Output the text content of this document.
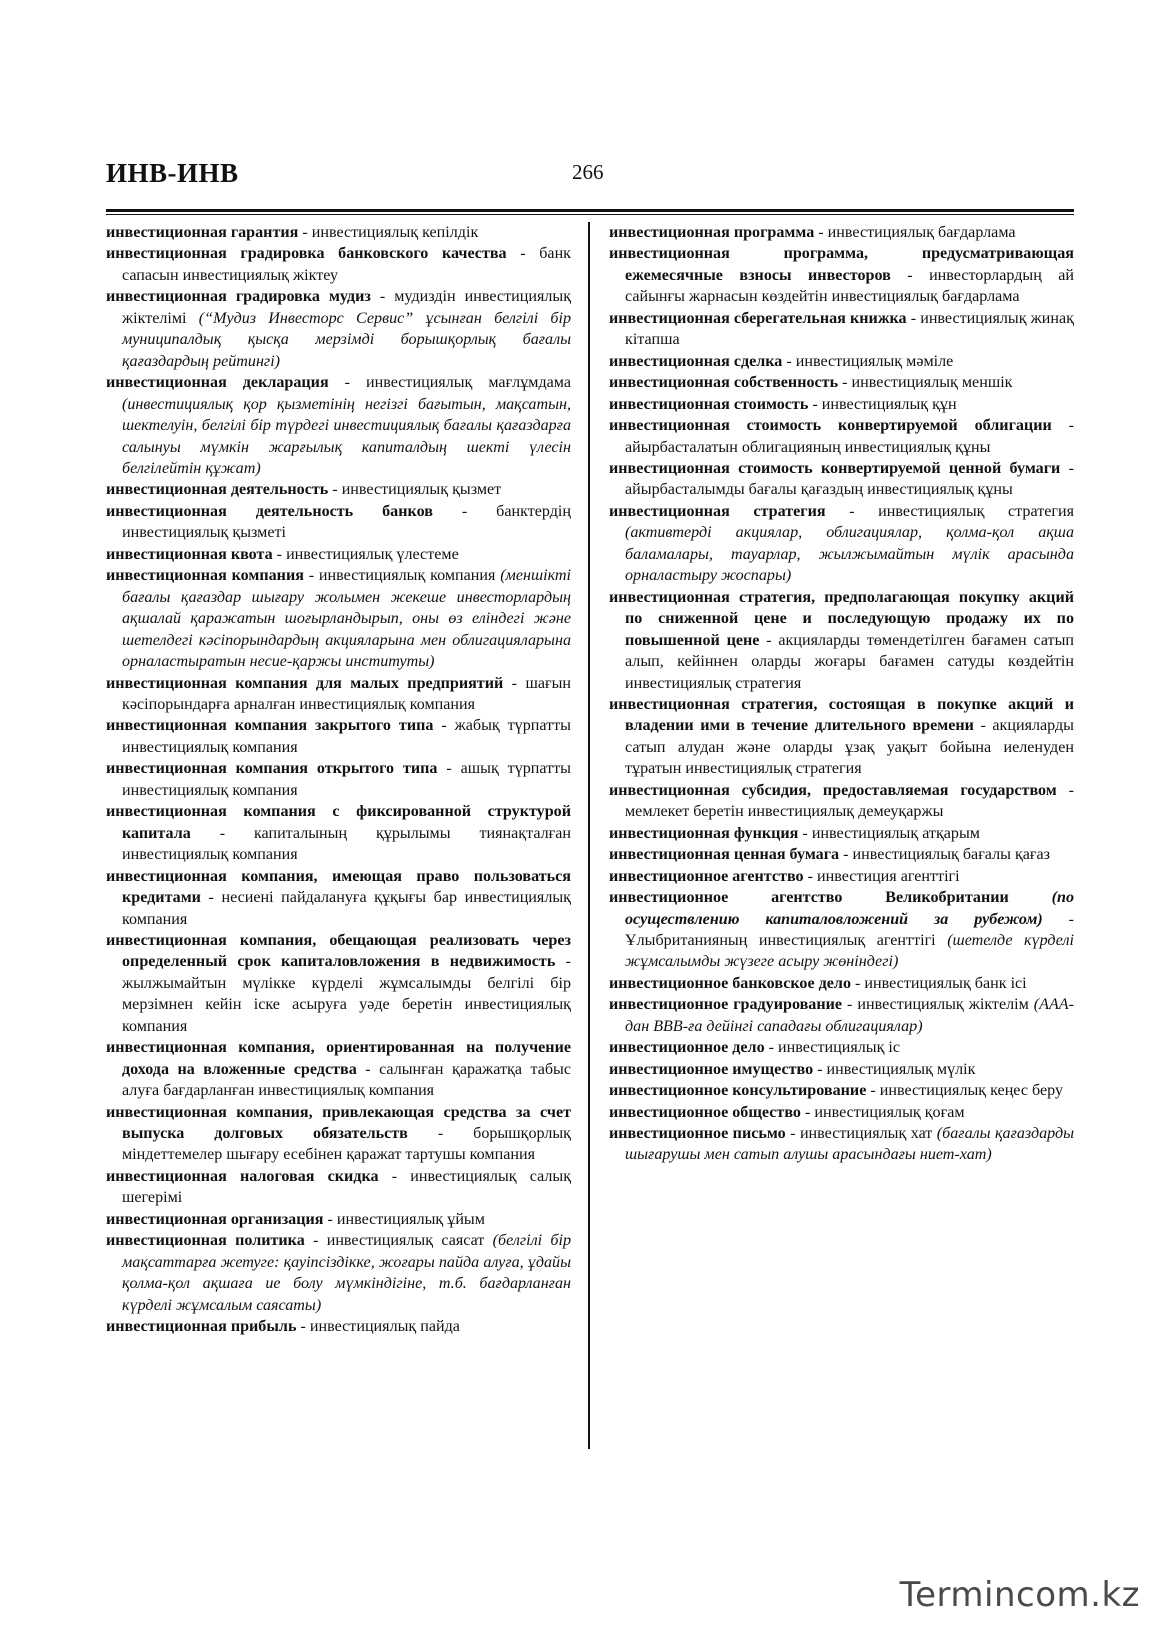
ИНВ-ИНВ	266
инвестиционная гарантия - инвестициялық кепілдік
инвестиционная градировка банковского качества - банк сапасын инвестициялық жіктеу
инвестиционная градировка мудиз - мудиздін инвестициялық жіктелімі (“Мудиз Инвесторс Сервис” ұсынған белгілі бір муниципалдық қысқа мерзімді борышқорлық бағалы қағаздардың рейтингі)
инвестиционная декларация - инвестициялық мағлұмдама (инвестициялық қор қызметінің негізгі бағытын, мақсатын, шектелуін, белгілі бір түрдегі инвестициялық бағалы қағаздарға салынуы мүмкін жарғылық капиталдың шекті үлесін белгілейтін құжат)
инвестиционная деятельность - инвестициялық қызмет
инвестиционная деятельность банков - банктердің инвестициялық қызметі
инвестиционная квота - инвестициялық үлестеме
инвестиционная компания - инвестициялық компания (меншікті бағалы қағаздар шығару жолымен жекеше инвесторлардың ақшалай қаражатын шоғырландырып, оны өз еліндегі және шетелдегі кәсіпорындардың акцияларына мен облигацияларына орналастыратын несие-қаржы институты)
инвестиционная компания для малых предприятий - шағын кәсіпорындарға арналған инвестициялық компания
инвестиционная компания закрытого типа - жабық түрпатты инвестициялық компания
инвестиционная компания открытого типа - ашық түрпатты инвестициялық компания
инвестиционная компания с фиксированной структурой капитала - капиталының құрылымы тиянақталған инвестициялық компания
инвестиционная компания, имеющая право пользоваться кредитами - несиені пайдалануға құқығы бар инвестициялық компания
инвестиционная компания, обещающая реализовать через определенный срок капиталовложения в недвижимость - жылжымайтын мүлікке күрделі жұмсалымды белгілі бір мерзімнен кейін іске асыруға уәде беретін инвестициялық компания
инвестиционная компания, ориентированная на получение дохода на вложенные средства - салынған қаражатқа табыс алуға бағдарланған инвестициялық компания
инвестиционная компания, привлекающая средства за счет выпуска долговых обязательств - борышқорлық міндеттемелер шығару есебінен қаражат тартушы компания
инвестиционная налоговая скидка - инвестициялық салық шегерімі
инвестиционная организация - инвестициялық ұйым
инвестиционная политика - инвестициялық саясат (белгілі бір мақсаттарға жетуге: қауіпсіздікке, жоғары пайда алуға, ұдайы қолма-қол ақшаға ие болу мүмкіндігіне, т.б. бағдарланған күрделі жұмсалым саясаты)
инвестиционная прибыль - инвестициялық пайда
инвестиционная программа - инвестициялық бағдарлама
инвестиционная программа, предусматривающая ежемесячные взносы инвесторов - инвесторлардың ай сайынғы жарнасын көздейтін инвестициялық бағдарлама
инвестиционная сберегательная книжка - инвестициялық жинақ кітапша
инвестиционная сделка - инвестициялық мәміле
инвестиционная собственность - инвестициялық меншік
инвестиционная стоимость - инвестициялық құн
инвестиционная стоимость конвертируемой облигации - айырбасталатын облигацияның инвестициялық құны
инвестиционная стоимость конвертируемой ценной бумаги - айырбасталымды бағалы қағаздың инвестициялық құны
инвестиционная стратегия - инвестициялық стратегия (активтерді акциялар, облигациялар, қолма-қол ақша баламалары, тауарлар, жылжымайтын мүлік арасында орналастыру жоспары)
инвестиционная стратегия, предполагающая покупку акций по сниженной цене и последующую продажу их по повышенной цене - акцияларды төмендетілген бағамен сатып алып, кейіннен оларды жоғары бағамен сатуды көздейтін инвестициялық стратегия
инвестиционная стратегия, состоящая в покупке акций и владении ими в течение длительного времени - акцияларды сатып алудан және оларды ұзақ уақыт бойына иеленуден тұратын инвестициялық стратегия
инвестиционная субсидия, предоставляемая государством - мемлекет беретін инвестициялық демеуқаржы
инвестиционная функция - инвестициялық атқарым
инвестиционная ценная бумага - инвестициялық бағалы қағаз
инвестиционное агентство - инвестиция агенттігі
инвестиционное агентство Великобритании (по осуществлению капиталовложений за рубежом) - Ұлыбританияның инвестициялық агенттігі (шетелде күрделі жұмсалымды жүзеге асыру жөніндегі)
инвестиционное банковское дело - инвестициялық банк ісі
инвестиционное градуирование - инвестициялық жіктелім (ААА-дан ВВВ-ға дейінгі сападағы облигациялар)
инвестиционное дело - инвестициялық іс
инвестиционное имущество - инвестициялық мүлік
инвестиционное консультирование - инвестициялық кеңес беру
инвестиционное общество - инвестициялық қоғам
инвестиционное письмо - инвестициялық хат (бағалы қағаздарды шығарушы мен сатып алушы арасындағы ниет-хат)
Termincom.kz
